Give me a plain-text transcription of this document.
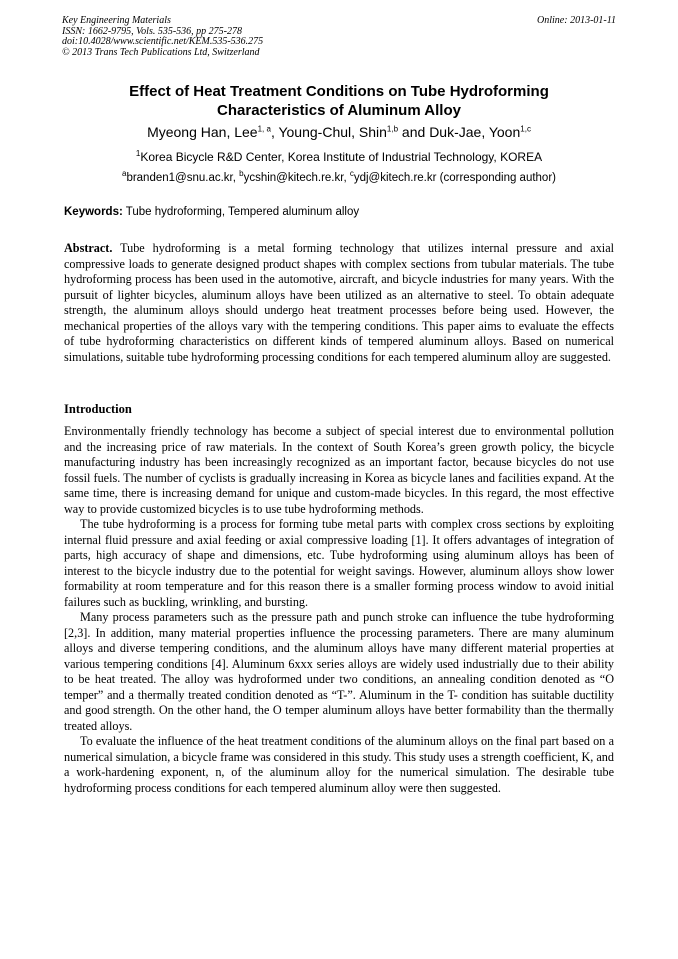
Key Engineering Materials
ISSN: 1662-9795, Vols. 535-536, pp 275-278
doi:10.4028/www.scientific.net/KEM.535-536.275
© 2013 Trans Tech Publications Ltd, Switzerland
Online: 2013-01-11
Effect of Heat Treatment Conditions on Tube Hydroforming
Characteristics of Aluminum Alloy
Myeong Han, Lee$^{1, a}$, Young-Chul, Shin$^{1,b}$ and Duk-Jae, Yoon$^{1,c}$
$^1$Korea Bicycle R&D Center, Korea Institute of Industrial Technology, KOREA
$^a$branden1@snu.ac.kr, $^b$ycshin@kitech.re.kr, $^c$ydj@kitech.re.kr (corresponding author)
Keywords: Tube hydroforming, Tempered aluminum alloy

Abstract. Tube hydroforming is a metal forming technology that utilizes internal pressure and axial compressive loads to generate designed product shapes with complex sections from tubular materials. The tube hydroforming process has been used in the automotive, aircraft, and bicycle industries for many years. With the pursuit of lighter bicycles, aluminum alloys have been utilized as an alternative to steel. To obtain adequate strength, the aluminum alloys should undergo heat treatment processes before being used. However, the mechanical properties of the alloys vary with the tempering conditions. This paper aims to evaluate the effects of tube hydroforming characteristics on different kinds of tempered aluminum alloys. Based on numerical simulations, suitable tube hydroforming processing conditions for each tempered aluminum alloy are suggested.

Introduction

Environmentally friendly technology has become a subject of special interest due to environmental pollution and the increasing price of raw materials. In the context of South Korea’s green growth policy, the bicycle manufacturing industry has been increasingly recognized as an important factor, because bicycles do not use fossil fuels. The number of cyclists is gradually increasing in Korea as bicycle lanes and facilities expand. At the same time, there is increasing demand for unique and custom-made bicycles. In this regard, the most effective way to provide customized bicycles is to use tube hydroforming methods.

The tube hydroforming is a process for forming tube metal parts with complex cross sections by exploiting internal fluid pressure and axial feeding or axial compressive loading [1]. It offers advantages of integration of parts, high accuracy of shape and dimensions, etc. Tube hydroforming using aluminum alloys has been of interest to the bicycle industry due to the potential for weight savings. However, aluminum alloys show lower formability at room temperature and for this reason there is a smaller forming process window to avoid initial failures such as buckling, wrinkling, and bursting.

Many process parameters such as the pressure path and punch stroke can influence the tube hydroforming [2,3]. In addition, many material properties influence the processing parameters. There are many aluminum alloys and diverse tempering conditions, and the aluminum alloys have many different material properties at various tempering conditions [4]. Aluminum 6xxx series alloys are widely used industrially due to their ability to be heat treated. The alloy was hydroformed under two conditions, an annealing condition denoted as “O temper” and a thermally treated condition denoted as “T-”. Aluminum in the T- condition has suitable ductility and good strength. On the other hand, the O temper aluminum alloys have better formability than the thermally treated alloys.

To evaluate the influence of the heat treatment conditions of the aluminum alloys on the final part based on a numerical simulation, a bicycle frame was considered in this study. This study uses a strength coefficient, K, and a work-hardening exponent, n, of the aluminum alloy for the numerical simulation. The desirable tube hydroforming process conditions for each tempered aluminum alloy were then suggested.
